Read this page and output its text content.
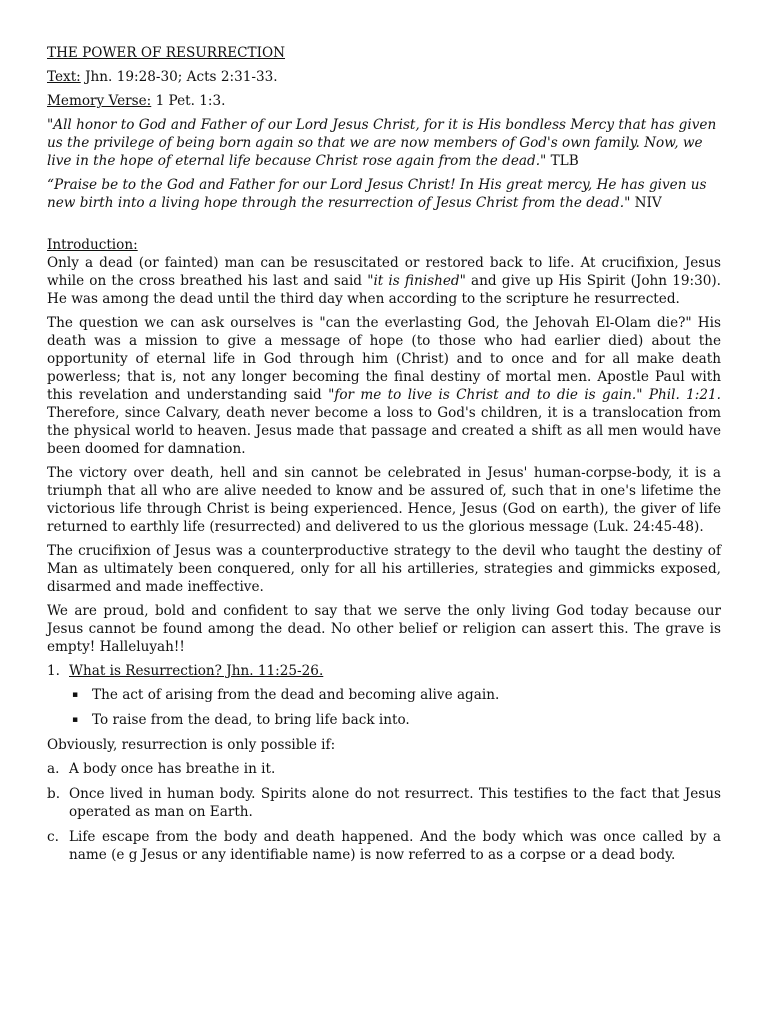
THE POWER OF RESURRECTION

Text: Jhn. 19:28-30; Acts 2:31-33.

Memory Verse: 1 Pet. 1:3.

"All honor to God and Father of our Lord Jesus Christ, for it is His bondless Mercy that has given us the privilege of being born again so that we are now members of God's own family. Now, we live in the hope of eternal life because Christ rose again from the dead." TLB

“Praise be to the God and Father for our Lord Jesus Christ! In His great mercy, He has given us new birth into a living hope through the resurrection of Jesus Christ from the dead." NIV

Introduction:

Only a dead (or fainted) man can be resuscitated or restored back to life. At crucifixion, Jesus while on the cross breathed his last and said "it is finished" and give up His Spirit (John 19:30). He was among the dead until the third day when according to the scripture he resurrected.

The question we can ask ourselves is "can the everlasting God, the Jehovah El-Olam die?" His death was a mission to give a message of hope (to those who had earlier died) about the opportunity of eternal life in God through him (Christ) and to once and for all make death powerless; that is, not any longer becoming the final destiny of mortal men. Apostle Paul with this revelation and understanding said "for me to live is Christ and to die is gain." Phil. 1:21. Therefore, since Calvary, death never become a loss to God's children, it is a translocation from the physical world to heaven. Jesus made that passage and created a shift as all men would have been doomed for damnation.

The victory over death, hell and sin cannot be celebrated in Jesus' human-corpse-body, it is a triumph that all who are alive needed to know and be assured of, such that in one's lifetime the victorious life through Christ is being experienced. Hence, Jesus (God on earth), the giver of life returned to earthly life (resurrected) and delivered to us the glorious message (Luk. 24:45-48).

The crucifixion of Jesus was a counterproductive strategy to the devil who taught the destiny of Man as ultimately been conquered, only for all his artilleries, strategies and gimmicks exposed, disarmed and made ineffective.

We are proud, bold and confident to say that we serve the only living God today because our Jesus cannot be found among the dead. No other belief or religion can assert this. The grave is empty! Halleluyah!!

1. What is Resurrection? Jhn. 11:25-26.
▪	The act of arising from the dead and becoming alive again.
▪	To raise from the dead, to bring life back into.

Obviously, resurrection is only possible if:

a. A body once has breathe in it.
b. Once lived in human body. Spirits alone do not resurrect. This testifies to the fact that Jesus operated as man on Earth.
c. Life escape from the body and death happened. And the body which was once called by a name (e g Jesus or any identifiable name) is now referred to as a corpse or a dead body.
